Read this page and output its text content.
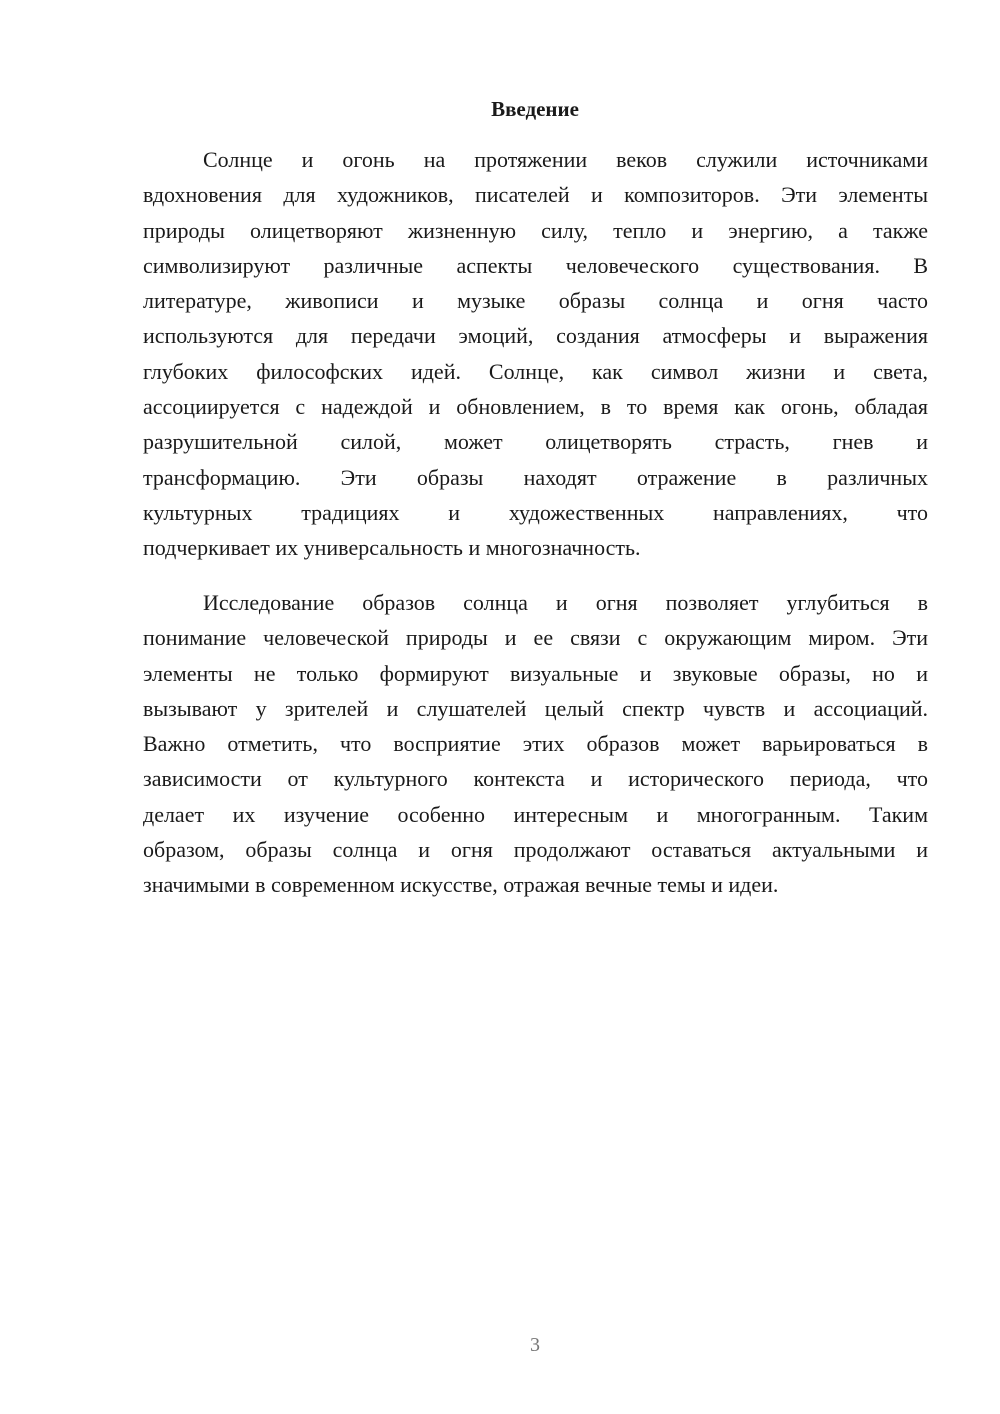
Введение
Солнце и огонь на протяжении веков служили источниками
вдохновения для художников, писателей и композиторов. Эти элементы
природы олицетворяют жизненную силу, тепло и энергию, а также
символизируют различные аспекты человеческого существования. В
литературе, живописи и музыке образы солнца и огня часто
используются для передачи эмоций, создания атмосферы и выражения
глубоких философских идей. Солнце, как символ жизни и света,
ассоциируется с надеждой и обновлением, в то время как огонь, обладая
разрушительной силой, может олицетворять страсть, гнев и
трансформацию. Эти образы находят отражение в различных
культурных традициях и художественных направлениях, что
подчеркивает их универсальность и многозначность.
Исследование образов солнца и огня позволяет углубиться в
понимание человеческой природы и ее связи с окружающим миром. Эти
элементы не только формируют визуальные и звуковые образы, но и
вызывают у зрителей и слушателей целый спектр чувств и ассоциаций.
Важно отметить, что восприятие этих образов может варьироваться в
зависимости от культурного контекста и исторического периода, что
делает их изучение особенно интересным и многогранным. Таким
образом, образы солнца и огня продолжают оставаться актуальными и
значимыми в современном искусстве, отражая вечные темы и идеи.
3
